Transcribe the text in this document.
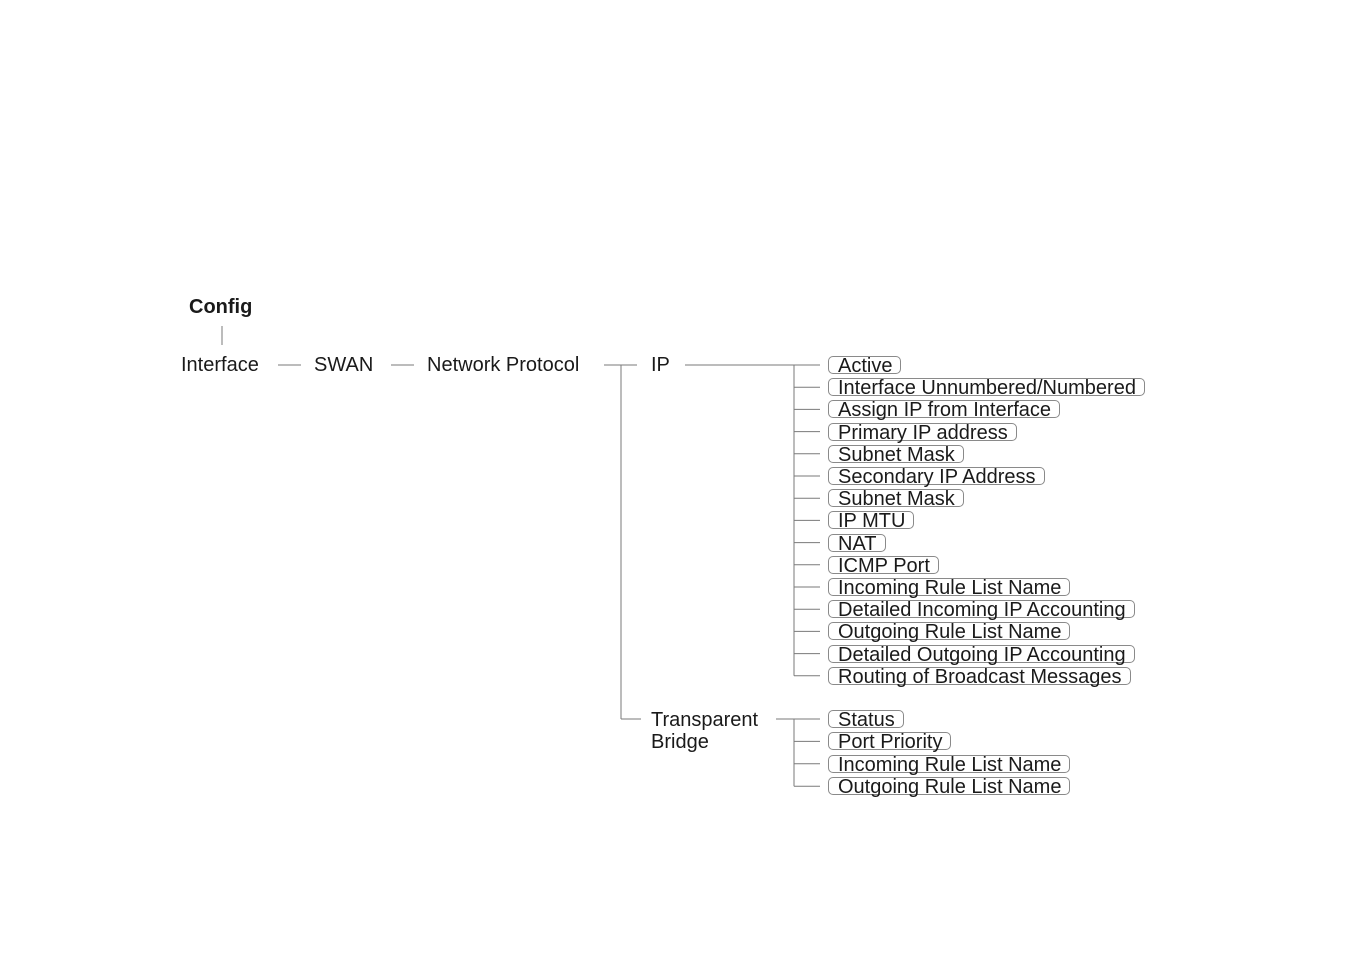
Config
Interface	SWAN	Network Protocol	IP
Transparent
Bridge
Active
Interface Unnumbered/Numbered
Assign IP from Interface
Primary IP address
Subnet Mask
Secondary IP Address
Subnet Mask
IP MTU
NAT
ICMP Port
Incoming Rule List Name
Detailed Incoming IP Accounting
Outgoing Rule List Name
Detailed Outgoing IP Accounting
Routing of Broadcast Messages
Status
Port Priority
Incoming Rule List Name
Outgoing Rule List Name
